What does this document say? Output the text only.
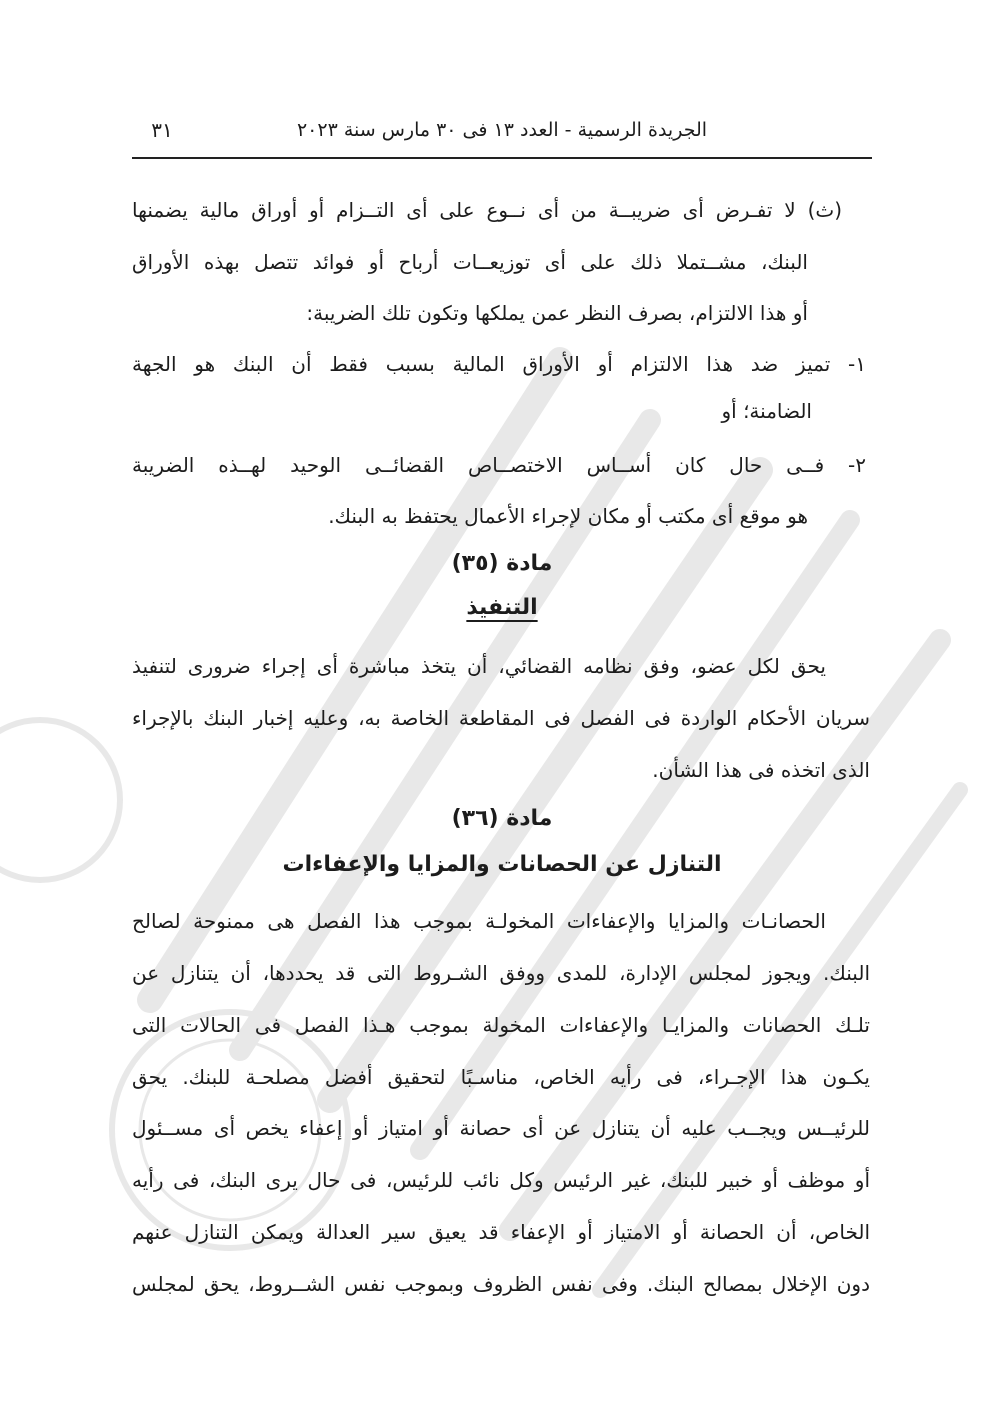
الجريدة الرسمية - العدد ١٣ فى ٣٠ مارس سنة ٢٠٢٣
٣١
(ث) لا تفـرض أى ضريبــة من أى نــوع على أى التــزام أو أوراق مالية يضمنها
البنك، مشــتملا ذلك على أى توزيعــات أرباح أو فوائد تتصل بهذه الأوراق
أو هذا الالتزام، بصرف النظر عمن يملكها وتكون تلك الضريبة:
١- تميز ضد هذا الالتزام أو الأوراق المالية بسبب فقط أن البنك هو الجهة
الضامنة؛ أو
٢- فــى حال كان أســاس الاختصــاص القضائــى الوحيد لهــذه الضريبة
هو موقع أى مكتب أو مكان لإجراء الأعمال يحتفظ به البنك.
مادة (٣٥)
التنفيذ
يحق لكل عضو، وفق نظامه القضائي، أن يتخذ مباشرة أى إجراء ضرورى لتنفيذ
سريان الأحكام الواردة فى الفصل فى المقاطعة الخاصة به، وعليه إخبار البنك بالإجراء
الذى اتخذه فى هذا الشأن.
مادة (٣٦)
التنازل عن الحصانات والمزايا والإعفاءات
الحصانـات والمزايا والإعفاءات المخولـة بموجب هذا الفصل هى ممنوحة لصالح
البنك. ويجوز لمجلس الإدارة، للمدى ووفق الشـروط التى قد يحددها، أن يتنازل عن
تلـك الحصانات والمزايـا والإعفاءات المخولة بموجب هـذا الفصل فى الحالات التى
يكـون هذا الإجـراء، فى رأيه الخاص، مناسـبًا لتحقيق أفضل مصلحـة للبنك. يحق
للرئيــس ويجــب عليه أن يتنازل عن أى حصانة أو امتياز أو إعفاء يخص أى مســئول
أو موظف أو خبير للبنك، غير الرئيس وكل نائب للرئيس، فى حال يرى البنك، فى رأيه
الخاص، أن الحصانة أو الامتياز أو الإعفاء قد يعيق سير العدالة ويمكن التنازل عنهم
دون الإخلال بمصالح البنك. وفى نفس الظروف وبموجب نفس الشــروط، يحق لمجلس
